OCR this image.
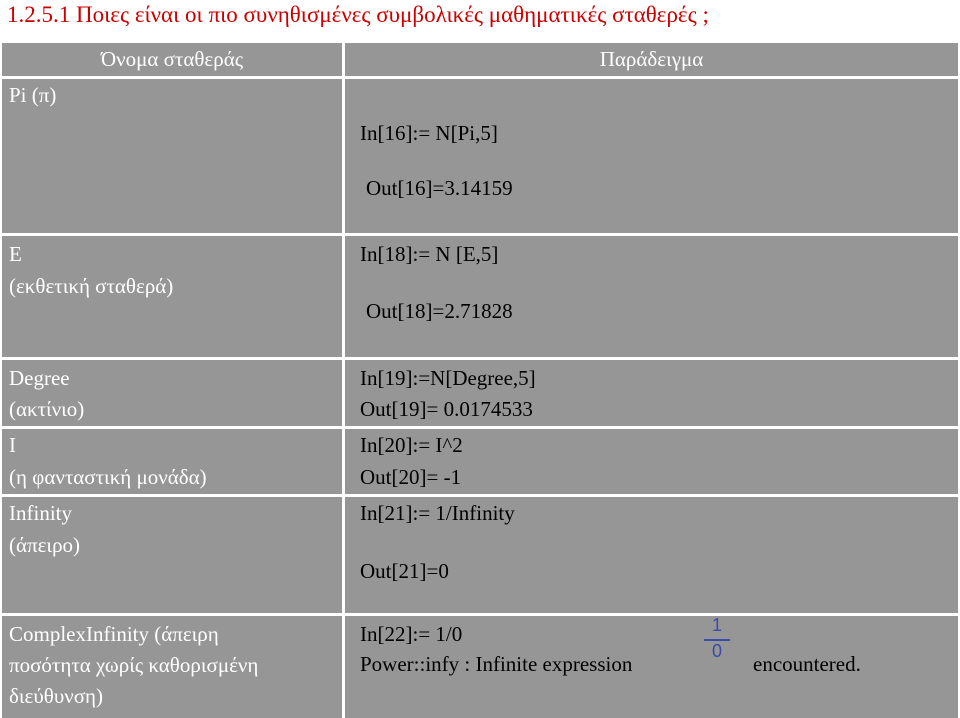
1.2.5.1 Ποιες είναι οι πιο συνηθισμένες συμβολικές μαθηματικές σταθερές ;
Όνομα σταθεράς	Παράδειγμα
Pi (π)
In[16]:= N[Pi,5]
Out[16]=3.14159
E
(εκθετική σταθερά)
In[18]:= N [E,5]
Out[18]=2.71828
Degree
(ακτίνιο)
In[19]:=N[Degree,5]
Out[19]= 0.0174533
I
(η φανταστική μονάδα)
In[20]:= I^2
Out[20]= -1
Infinity
(άπειρο)
In[21]:= 1/Infinity
Out[21]=0
ComplexInfinity (άπειρη
ποσότητα χωρίς καθορισμένη
διεύθυνση)
In[22]:= 1/0
Power::infy : Infinite expression	encountered.
1
0
